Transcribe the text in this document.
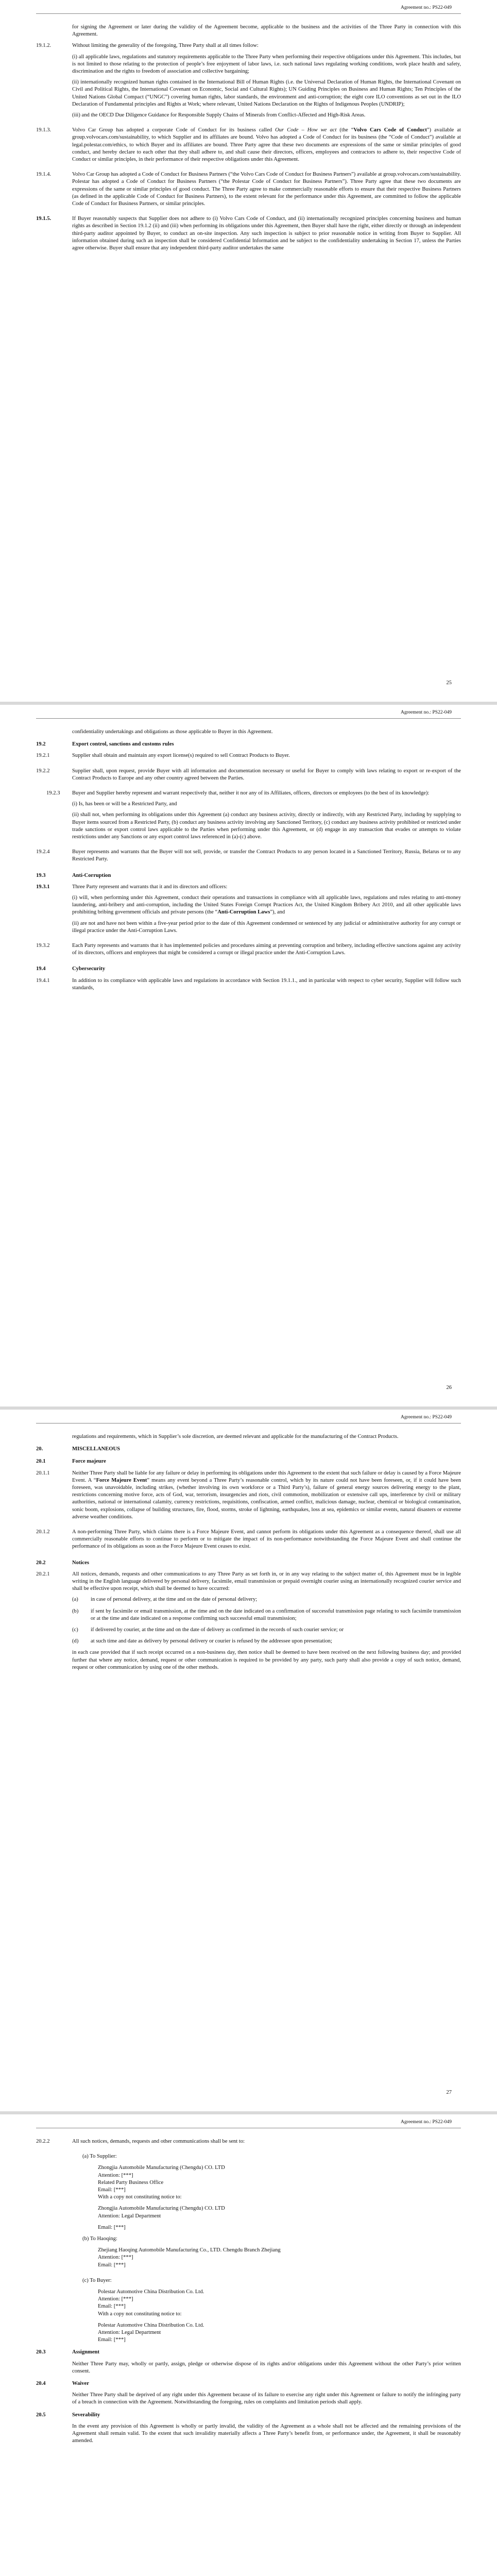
Agreement no.: PS22-049

for signing the Agreement or later during the validity of the Agreement become, applicable to the business and the activities of the Three Party in connection with this Agreement.

19.1.2.	Without limiting the generality of the foregoing, Three Party shall at all times follow:

(i) all applicable laws, regulations and statutory requirements applicable to the Three Party when performing their respective obligations under this Agreement. This includes, but is not limited to those relating to the protection of people’s free enjoyment of labor laws, i.e. such national laws regulating working conditions, work place health and safety, discrimination and the rights to freedom of association and collective bargaining;

(ii) internationally recognized human rights contained in the International Bill of Human Rights (i.e. the Universal Declaration of Human Rights, the International Covenant on Civil and Political Rights, the International Covenant on Economic, Social and Cultural Rights); UN Guiding Principles on Business and Human Rights; Ten Principles of the United Nations Global Compact (“UNGC”) covering human rights, labor standards, the environment and anti-corruption; the eight core ILO conventions as set out in the ILO Declaration of Fundamental principles and Rights at Work; where relevant, United Nations Declaration on the Rights of Indigenous Peoples (UNDRIP);

(iii) and the OECD Due Diligence Guidance for Responsible Supply Chains of Minerals from Conflict-Affected and High-Risk Areas.

19.1.3.	Volvo Car Group has adopted a corporate Code of Conduct for its business called Our Code – How we act (the “Volvo Cars Code of Conduct”) available at group.volvocars.com/sustainability, to which Supplier and its affiliates are bound. Volvo has adopted a Code of Conduct for its business (the “Code of Conduct”) available at legal.polestar.com/ethics, to which Buyer and its affiliates are bound. Three Party agree that these two documents are expressions of the same or similar principles of good conduct, and hereby declare to each other that they shall adhere to, and shall cause their directors, officers, employees and contractors to adhere to, their respective Code of Conduct or similar principles, in their performance of their respective obligations under this Agreement.

19.1.4.	Volvo Car Group has adopted a Code of Conduct for Business Partners (“the Volvo Cars Code of Conduct for Business Partners”) available at group.volvocars.com/sustainability. Polestar has adopted a Code of Conduct for Business Partners (“the Polestar Code of Conduct for Business Partners”). Three Party agree that these two documents are expressions of the same or similar principles of good conduct. The Three Party agree to make commercially reasonable efforts to ensure that their respective Business Partners (as defined in the applicable Code of Conduct for Business Partners), to the extent relevant for the performance under this Agreement, are committed to follow the applicable Code of Conduct for Business Partners, or similar principles.

19.1.5.	If Buyer reasonably suspects that Supplier does not adhere to (i) Volvo Cars Code of Conduct, and (ii) internationally recognized principles concerning business and human rights as described in Section 19.1.2 (ii) and (iii) when performing its obligations under this Agreement, then Buyer shall have the right, either directly or through an independent third-party auditor appointed by Buyer, to conduct an on-site inspection. Any such inspection is subject to prior reasonable notice in writing from Buyer to Supplier. All information obtained during such an inspection shall be considered Confidential Information and be subject to the confidentiality undertaking in Section 17, unless the Parties agree otherwise. Buyer shall ensure that any independent third-party auditor undertakes the same

25
Agreement no.: PS22-049

confidentiality undertakings and obligations as those applicable to Buyer in this Agreement.

19.2	Export control, sanctions and customs rules
19.2.1	Supplier shall obtain and maintain any export license(s) required to sell Contract Products to Buyer.

19.2.2	Supplier shall, upon request, provide Buyer with all information and documentation necessary or useful for Buyer to comply with laws relating to export or re-export of the Contract Products to Europe and any other country agreed between the Parties.

19.2.3	Buyer and Supplier hereby represent and warrant respectively that, neither it nor any of its Affiliates, officers, directors or employees (to the best of its knowledge):

(i) Is, has been or will be a Restricted Party, and

(ii) shall not, when performing its obligations under this Agreement (a) conduct any business activity, directly or indirectly, with any Restricted Party, including by supplying to Buyer items sourced from a Restricted Party, (b) conduct any business activity involving any Sanctioned Territory, (c) conduct any business activity prohibited or restricted under trade sanctions or export control laws applicable to the Parties when performing under this Agreement, or (d) engage in any transaction that evades or attempts to violate restrictions under any Sanctions or any export control laws referenced in (a)-(c) above.

19.2.4	Buyer represents and warrants that the Buyer will not sell, provide, or transfer the Contract Products to any person located in a Sanctioned Territory, Russia, Belarus or to any Restricted Party.

19.3	Anti-Corruption
19.3.1	Three Party represent and warrants that it and its directors and officers:

(i) will, when performing under this Agreement, conduct their operations and transactions in compliance with all applicable laws, regulations and rules relating to anti-money laundering, anti-bribery and anti-corruption, including the United States Foreign Corrupt Practices Act, the United Kingdom Bribery Act 2010, and all other applicable laws prohibiting bribing government officials and private persons (the “Anti-Corruption Laws”), and

(ii) are not and have not been within a five-year period prior to the date of this Agreement condemned or sentenced by any judicial or administrative authority for any corrupt or illegal practice under the Anti-Corruption Laws.

19.3.2	Each Party represents and warrants that it has implemented policies and procedures aiming at preventing corruption and bribery, including effective sanctions against any activity of its directors, officers and employees that might be considered a corrupt or illegal practice under the Anti-Corruption Laws.

19.4	Cybersecurity
19.4.1	In addition to its compliance with applicable laws and regulations in accordance with Section 19.1.1., and in particular with respect to cyber security, Supplier will follow such standards,

26
Agreement no.: PS22-049

regulations and requirements, which in Supplier’s sole discretion, are deemed relevant and applicable for the manufacturing of the Contract Products.

20.	MISCELLANEOUS
20.1	Force majeure
20.1.1	Neither Three Party shall be liable for any failure or delay in performing its obligations under this Agreement to the extent that such failure or delay is caused by a Force Majeure Event. A “Force Majeure Event” means any event beyond a Three Party’s reasonable control, which by its nature could not have been foreseen, or, if it could have been foreseen, was unavoidable, including strikes, (whether involving its own workforce or a Third Party’s), failure of general energy sources delivering energy to the plant, restrictions concerning motive force, acts of God, war, terrorism, insurgencies and riots, civil commotion, mobilization or extensive call ups, interference by civil or military authorities, national or international calamity, currency restrictions, requisitions, confiscation, armed conflict, malicious damage, nuclear, chemical or biological contamination, sonic boom, explosions, collapse of building structures, fire, flood, storms, stroke of lightning, earthquakes, loss at sea, epidemics or similar events, natural disasters or extreme adverse weather conditions.

20.1.2	A non-performing Three Party, which claims there is a Force Majeure Event, and cannot perform its obligations under this Agreement as a consequence thereof, shall use all commercially reasonable efforts to continue to perform or to mitigate the impact of its non-performance notwithstanding the Force Majeure Event and shall continue the performance of its obligations as soon as the Force Majeure Event ceases to exist.

20.2	Notices
20.2.1	All notices, demands, requests and other communications to any Three Party as set forth in, or in any way relating to the subject matter of, this Agreement must be in legible writing in the English language delivered by personal delivery, facsimile, email transmission or prepaid overnight courier using an internationally recognized courier service and shall be effective upon receipt, which shall be deemed to have occurred:

(a)	in case of personal delivery, at the time and on the date of personal delivery;
(b)	if sent by facsimile or email transmission, at the time and on the date indicated on a confirmation of successful transmission page relating to such facsimile transmission or at the time and date indicated on a response confirming such successful email transmission;
(c)	if delivered by courier, at the time and on the date of delivery as confirmed in the records of such courier service; or
(d)	at such time and date as delivery by personal delivery or courier is refused by the addressee upon presentation;

in each case provided that if such receipt occurred on a non-business day, then notice shall be deemed to have been received on the next following business day; and provided further that where any notice, demand, request or other communication is required to be provided by any party, such party shall also provide a copy of such notice, demand, request or other communication by using one of the other methods.

27
Agreement no.: PS22-049
20.2.2	All such notices, demands, requests and other communications shall be sent to:

(a) To Supplier:
Zhongjia Automobile Manufacturing (Chengdu) CO. LTD
Attention: [***]
Related Party Business Office
Email: [***]
With a copy not constituting notice to:
Zhongjia Automobile Manufacturing (Chengdu) CO. LTD
Attention: Legal Department
Email: [***]
(b) To Haoqing:
Zhejiang Haoqing Automobile Manufacturing Co., LTD. Chengdu Branch Zhejiang
Attention: [***]
Email: [***]
(c) To Buyer:
Polestar Automotive China Distribution Co. Ltd.
Attention: [***]
Email: [***]
With a copy not constituting notice to:
Polestar Automotive China Distribution Co. Ltd.
Attention: Legal Department
Email: [***]
20.3	Assignment

Neither Three Party may, wholly or partly, assign, pledge or otherwise dispose of its rights and/or obligations under this Agreement without the other Party’s prior written consent.

20.4	Waiver

Neither Three Party shall be deprived of any right under this Agreement because of its failure to exercise any right under this Agreement or failure to notify the infringing party of a breach in connection with the Agreement. Notwithstanding the foregoing, rules on complaints and limitation periods shall apply.

20.5	Severability

In the event any provision of this Agreement is wholly or partly invalid, the validity of the Agreement as a whole shall not be affected and the remaining provisions of the Agreement shall remain valid. To the extent that such invalidity materially affects a Three Party’s benefit from, or performance under, the Agreement, it shall be reasonably amended.
